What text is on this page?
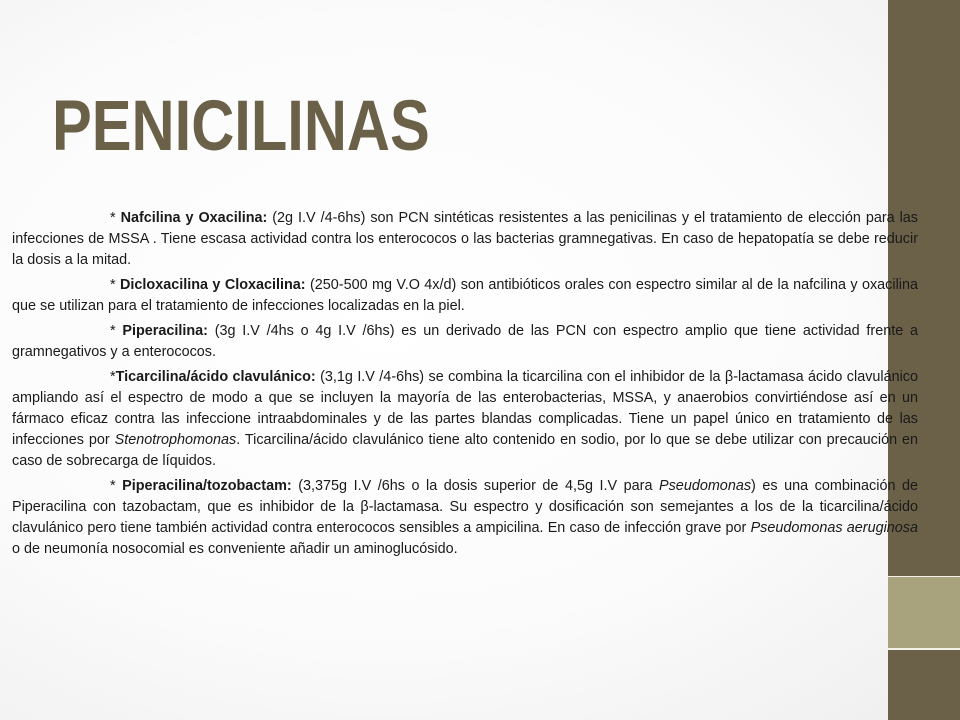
PENICILINAS

* Nafcilina y Oxacilina: (2g I.V /4-6hs) son PCN sintéticas resistentes a las penicilinas y el tratamiento de elección para las infecciones de MSSA . Tiene escasa actividad contra los enterococos o las bacterias gramnegativas. En caso de hepatopatía se debe reducir la dosis a la mitad.

* Dicloxacilina y Cloxacilina: (250-500 mg V.O 4x/d) son antibióticos orales con espectro similar al de la nafcilina y oxacilina que se utilizan para el tratamiento de infecciones localizadas en la piel.

* Piperacilina: (3g I.V /4hs o 4g I.V /6hs) es un derivado de las PCN con espectro amplio que tiene actividad frente a gramnegativos y a enterococos.

*Ticarcilina/ácido clavulánico: (3,1g I.V /4-6hs) se combina la ticarcilina con el inhibidor de la β-lactamasa ácido clavulánico ampliando así el espectro de modo a que se incluyen la mayoría de las enterobacterias, MSSA, y anaerobios convirtiéndose así en un fármaco eficaz contra las infeccione intraabdominales y de las partes blandas complicadas. Tiene un papel único en tratamiento de las infecciones por Stenotrophomonas. Ticarcilina/ácido clavulánico tiene alto contenido en sodio, por lo que se debe utilizar con precaución en caso de sobrecarga de líquidos.

* Piperacilina/tozobactam: (3,375g I.V /6hs o la dosis superior de 4,5g I.V para Pseudomonas) es una combinación de Piperacilina con tazobactam, que es inhibidor de la β-lactamasa. Su espectro y dosificación son semejantes a los de la ticarcilina/ácido clavulánico pero tiene también actividad contra enterococos sensibles a ampicilina. En caso de infección grave por Pseudomonas aeruginosa o de neumonía nosocomial es conveniente añadir un aminoglucósido.
